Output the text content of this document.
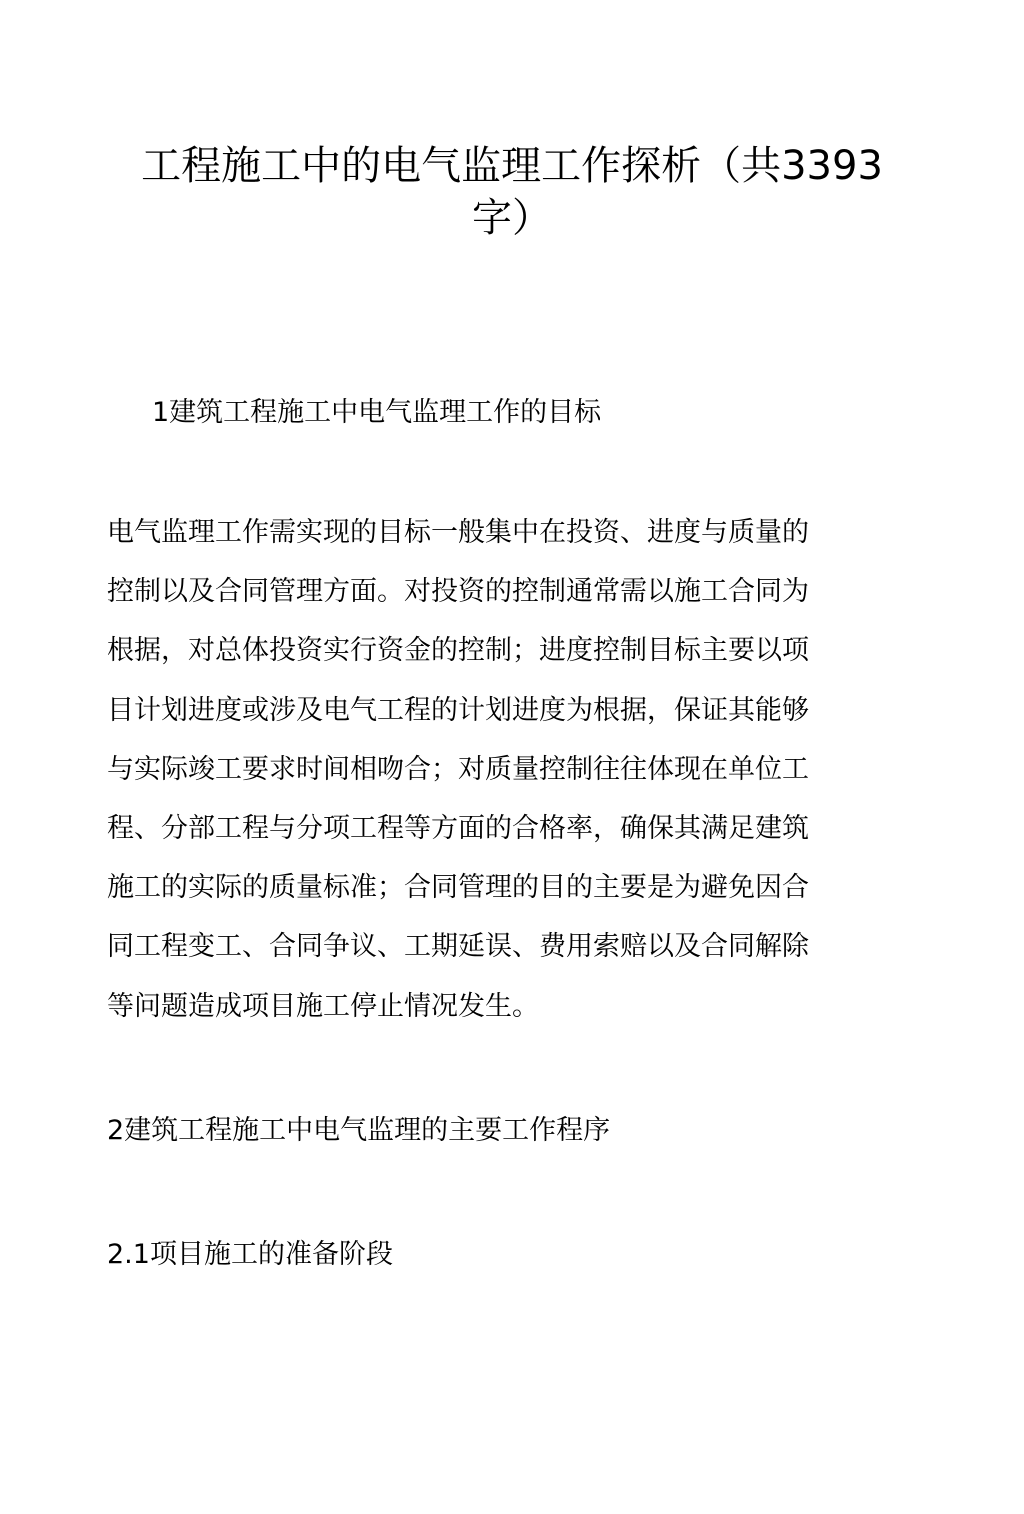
工程施工中的电气监理工作探析（共3393
字）
1建筑工程施工中电气监理工作的目标
电气监理工作需实现的目标一般集中在投资、进度与质量的
控制以及合同管理方面。对投资的控制通常需以施工合同为
根据，对总体投资实行资金的控制；进度控制目标主要以项
目计划进度或涉及电气工程的计划进度为根据，保证其能够
与实际竣工要求时间相吻合；对质量控制往往体现在单位工
程、分部工程与分项工程等方面的合格率，确保其满足建筑
施工的实际的质量标准；合同管理的目的主要是为避免因合
同工程变工、合同争议、工期延误、费用索赔以及合同解除
等问题造成项目施工停止情况发生。
2建筑工程施工中电气监理的主要工作程序
2.1项目施工的准备阶段
